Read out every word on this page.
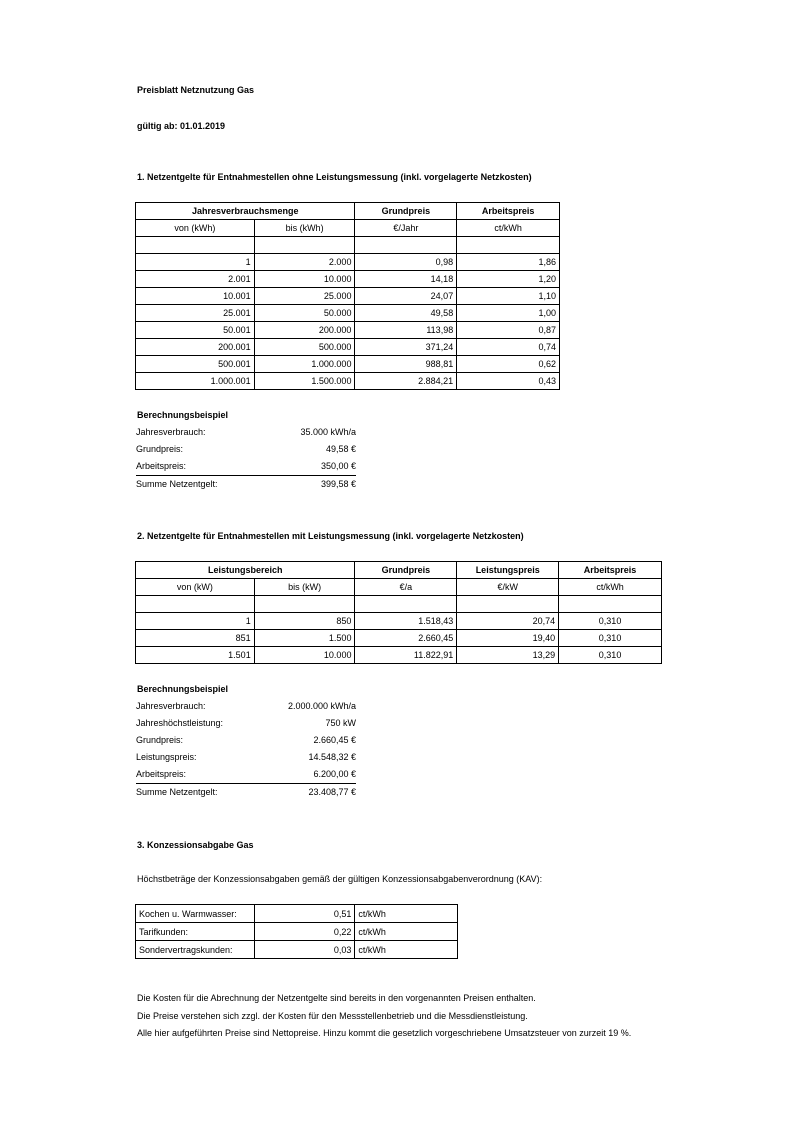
Preisblatt Netznutzung Gas
gültig ab: 01.01.2019
1. Netzentgelte für Entnahmestellen ohne Leistungsmessung (inkl. vorgelagerte Netzkosten)
Jahresverbrauchsmenge		Grundpreis	Arbeitspreis
von (kWh)	bis (kWh)	€/Jahr	ct/kWh

1	2.000	0,98	1,86
2.001	10.000	14,18	1,20
10.001	25.000	24,07	1,10
25.001	50.000	49,58	1,00
50.001	200.000	113,98	0,87
200.001	500.000	371,24	0,74
500.001	1.000.000	988,81	0,62
1.000.001	1.500.000	2.884,21	0,43
Berechnungsbeispiel
Jahresverbrauch:	35.000 kWh/a
Grundpreis:	49,58 €
Arbeitspreis:	350,00 €
Summe Netzentgelt:	399,58 €
2. Netzentgelte für Entnahmestellen mit Leistungsmessung (inkl. vorgelagerte Netzkosten)
Leistungsbereich		Grundpreis	Leistungspreis	Arbeitspreis
von (kW)	bis (kW)	€/a	€/kW	ct/kWh

1	850	1.518,43	20,74	0,310
851	1.500	2.660,45	19,40	0,310
1.501	10.000	11.822,91	13,29	0,310
Berechnungsbeispiel
Jahresverbrauch:	2.000.000 kWh/a
Jahreshöchstleistung:	750 kW
Grundpreis:	2.660,45 €
Leistungspreis:	14.548,32 €
Arbeitspreis:	6.200,00 €
Summe Netzentgelt:	23.408,77 €
3. Konzessionsabgabe Gas
Höchstbeträge der Konzessionsabgaben gemäß der gültigen Konzessionsabgabenverordnung (KAV):
Kochen u. Warmwasser:	0,51	ct/kWh
Tarifkunden:	0,22	ct/kWh
Sondervertragskunden:	0,03	ct/kWh
Die Kosten für die Abrechnung der Netzentgelte sind bereits in den vorgenannten Preisen enthalten.
Die Preise verstehen sich zzgl. der Kosten für den Messstellenbetrieb und die Messdienstleistung.
Alle hier aufgeführten Preise sind Nettopreise. Hinzu kommt die gesetzlich vorgeschriebene Umsatzsteuer von zurzeit 19 %.
